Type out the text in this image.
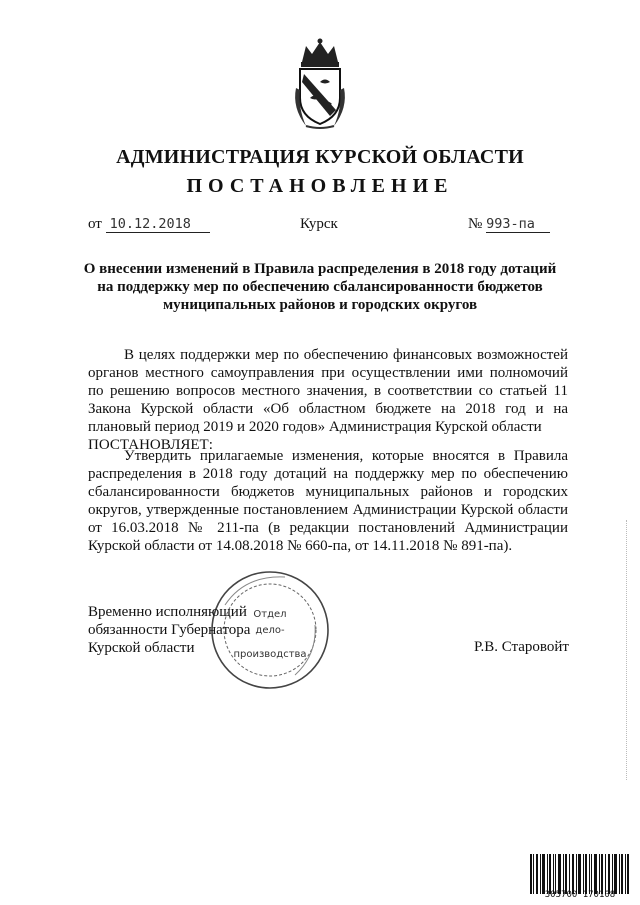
АДМИНИСТРАЦИЯ КУРСКОЙ ОБЛАСТИ
ПОСТАНОВЛЕНИЕ
от 10.12.2018	Курск	№ 993-па
О внесении изменений в Правила распределения в 2018 году дотаций
на поддержку мер по обеспечению сбалансированности бюджетов
муниципальных районов и городских округов
В целях поддержки мер по обеспечению финансовых возможностей органов местного самоуправления при осуществлении ими полномочий по решению вопросов местного значения, в соответствии со статьей 11 Закона Курской области «Об областном бюджете на 2018 год и на плановый период 2019 и 2020 годов» Администрация Курской области
ПОСТАНОВЛЯЕТ:
Утвердить прилагаемые изменения, которые вносятся в Правила распределения в 2018 году дотаций на поддержку мер по обеспечению сбалансированности бюджетов муниципальных районов и городских округов, утвержденные постановлением Администрации Курской области от 16.03.2018 № 211-па (в редакции постановлений Администрации Курской области от 14.08.2018 № 660-па, от 14.11.2018 № 891-па).
Отдел
дело-
производства
Временно исполняющий
обязанности Губернатора
Курской области	Р.В. Старовойт
305700 170108
